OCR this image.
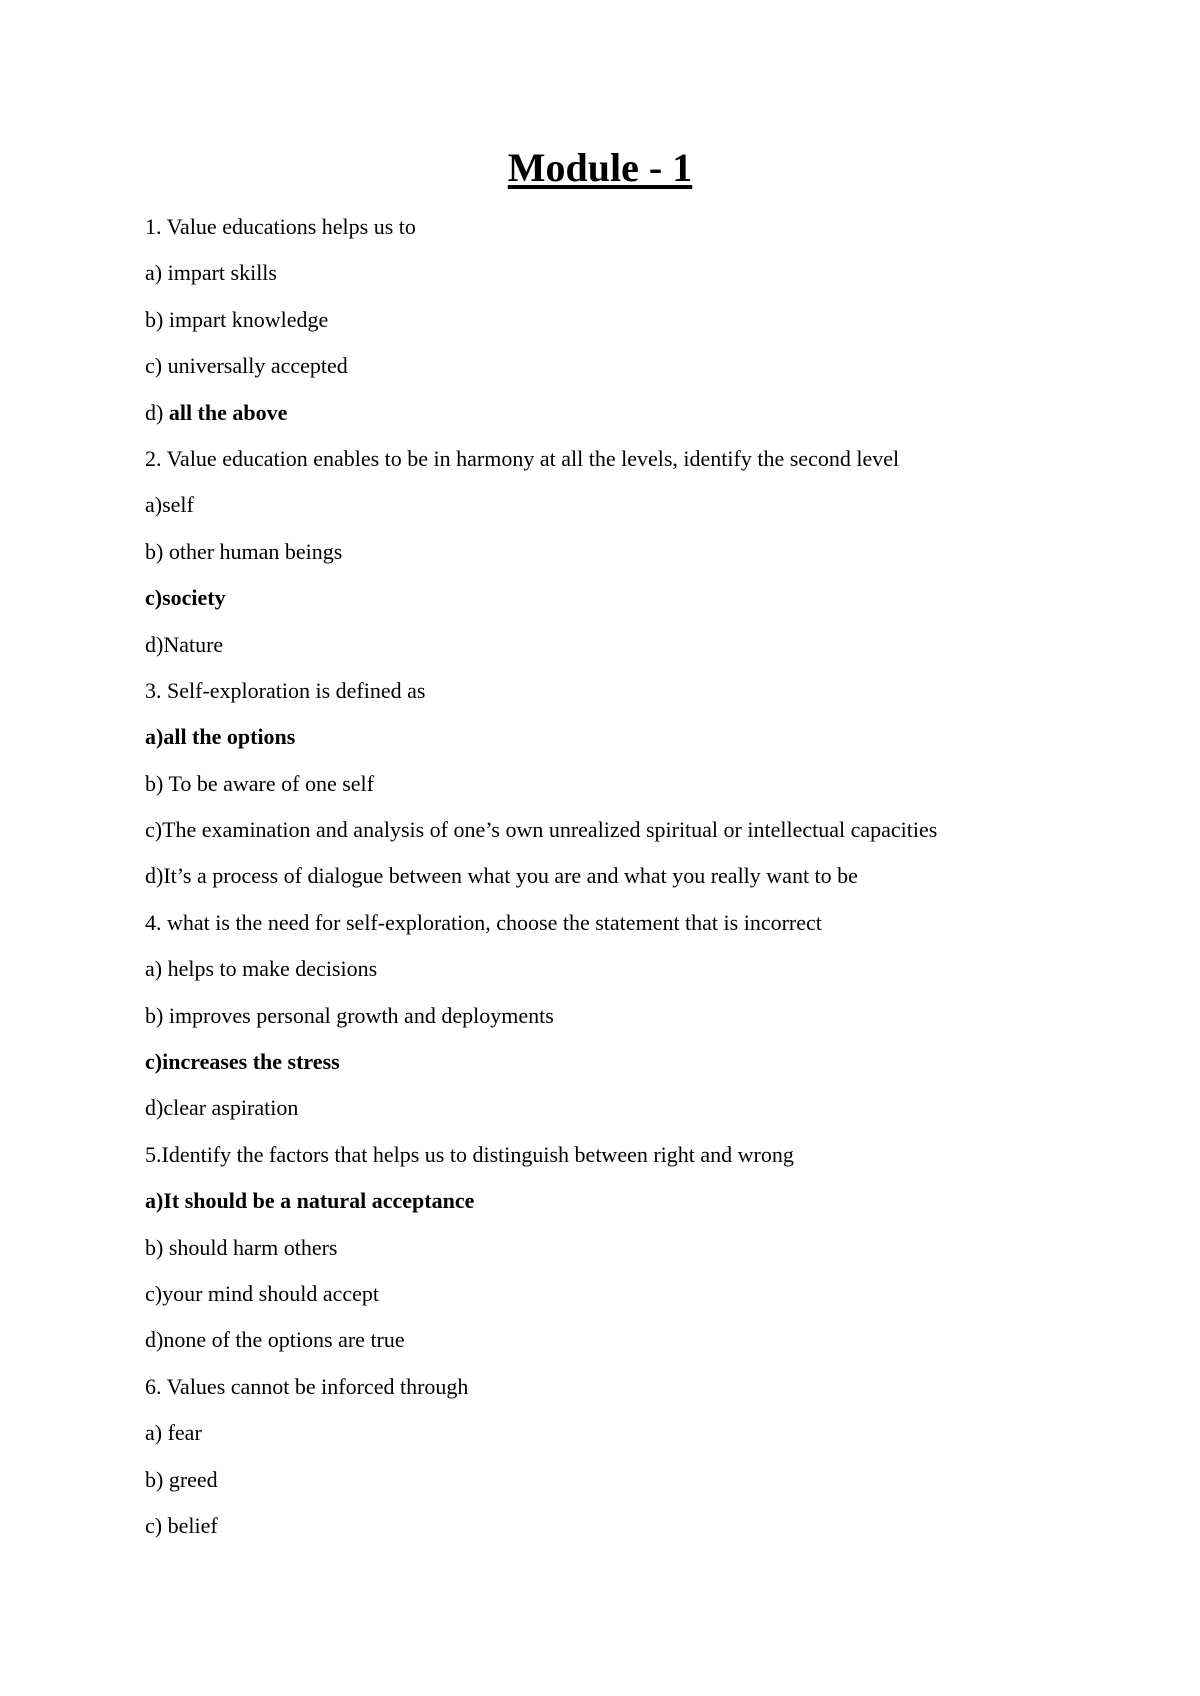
Module - 1
1. Value educations helps us to
a) impart skills
b) impart knowledge
c) universally accepted
d) all the above
2. Value education enables to be in harmony at all the levels, identify the second level
a)self
b) other human beings
c)society
d)Nature
3. Self-exploration is defined as
a)all the options
b) To be aware of one self
c)The examination and analysis of one’s own unrealized spiritual or intellectual capacities
d)It’s a process of dialogue between what you are and what you really want to be
4. what is the need for self-exploration, choose the statement that is incorrect
a) helps to make decisions
b) improves personal growth and deployments
c)increases the stress
d)clear aspiration
5.Identify the factors that helps us to distinguish between right and wrong
a)It should be a natural acceptance
b) should harm others
c)your mind should accept
d)none of the options are true
6. Values cannot be inforced through
a) fear
b) greed
c) belief
